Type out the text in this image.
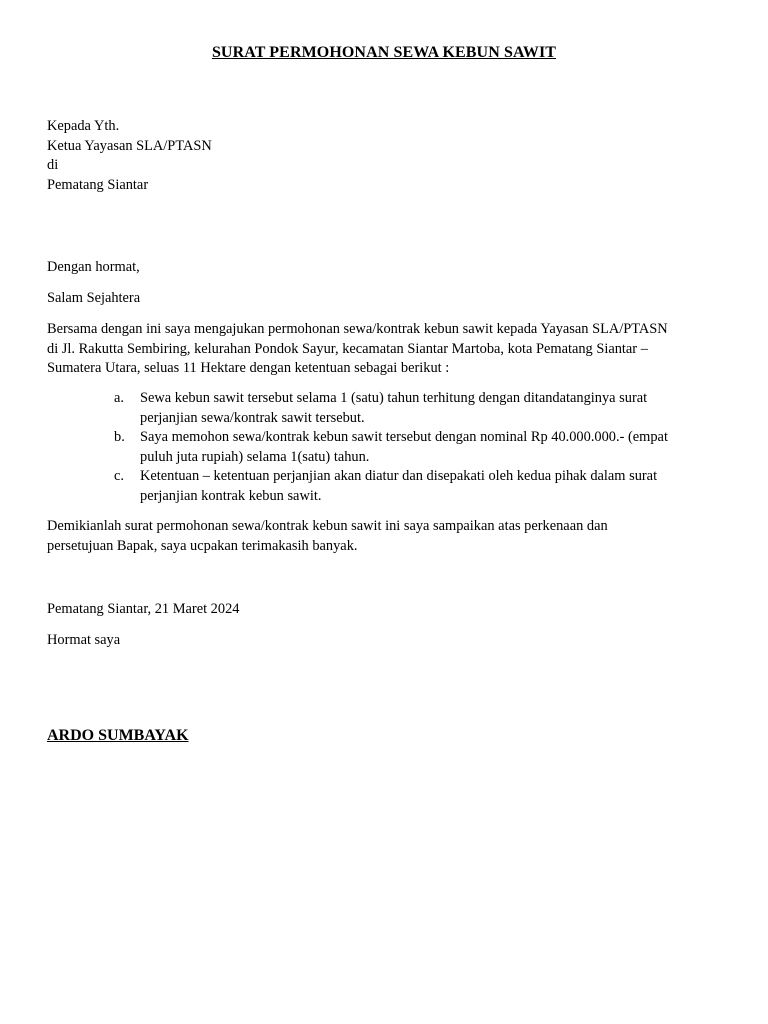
SURAT PERMOHONAN SEWA KEBUN SAWIT
Kepada Yth.
Ketua Yayasan SLA/PTASN
di
Pematang Siantar
Dengan hormat,
Salam Sejahtera
Bersama dengan ini saya mengajukan permohonan sewa/kontrak kebun sawit kepada Yayasan SLA/PTASN
di Jl. Rakutta Sembiring, kelurahan Pondok Sayur, kecamatan Siantar Martoba, kota Pematang Siantar –
Sumatera Utara, seluas 11 Hektare dengan ketentuan sebagai berikut :
a. Sewa kebun sawit tersebut selama 1 (satu) tahun terhitung dengan ditandatanginya surat
perjanjian sewa/kontrak sawit tersebut.
b. Saya memohon sewa/kontrak kebun sawit tersebut dengan nominal Rp 40.000.000.- (empat
puluh juta rupiah) selama 1(satu) tahun.
c. Ketentuan – ketentuan perjanjian akan diatur dan disepakati oleh kedua pihak dalam surat
perjanjian kontrak kebun sawit.
Demikianlah surat permohonan sewa/kontrak kebun sawit ini saya sampaikan atas perkenaan dan
persetujuan Bapak, saya ucpakan terimakasih banyak.
Pematang Siantar, 21 Maret 2024
Hormat saya
ARDO SUMBAYAK
